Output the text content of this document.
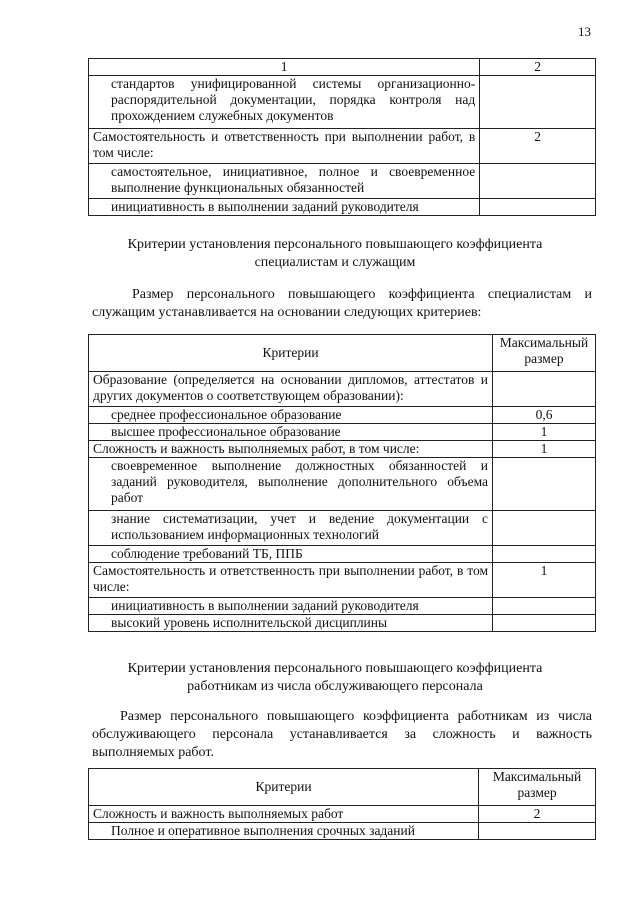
13
1	2
стандартов унифицированной системы организационно-распорядительной документации, порядка контроля над прохождением служебных документов	
Самостоятельность и ответственность при выполнении работ, в том числе:	2
самостоятельное, инициативное, полное и своевременное выполнение функциональных обязанностей	
инициативность в выполнении заданий руководителя	
Критерии установления персонального повышающего коэффициента
специалистам и служащим

Размер персонального повышающего коэффициента специалистам и служащим устанавливается на основании следующих критериев:

Критерии	Максимальный размер
Образование (определяется на основании дипломов, аттестатов и других документов о соответствующем образовании):	
среднее профессиональное образование	0,6
высшее профессиональное образование	1
Сложность и важность выполняемых работ, в том числе:	1
своевременное выполнение должностных обязанностей и заданий руководителя, выполнение дополнительного объема работ	
знание систематизации, учет и ведение документации с использованием информационных технологий	
соблюдение требований ТБ, ППБ	
Самостоятельность и ответственность при выполнении работ, в том числе:	1
инициативность в выполнении заданий руководителя	
высокий уровень исполнительской дисциплины	
Критерии установления персонального повышающего коэффициента
работникам из числа обслуживающего персонала

Размер персонального повышающего коэффициента работникам из числа обслуживающего персонала устанавливается за сложность и важность выполняемых работ.

Критерии	Максимальный размер
Сложность и важность выполняемых работ	2
Полное и оперативное выполнения срочных заданий	
